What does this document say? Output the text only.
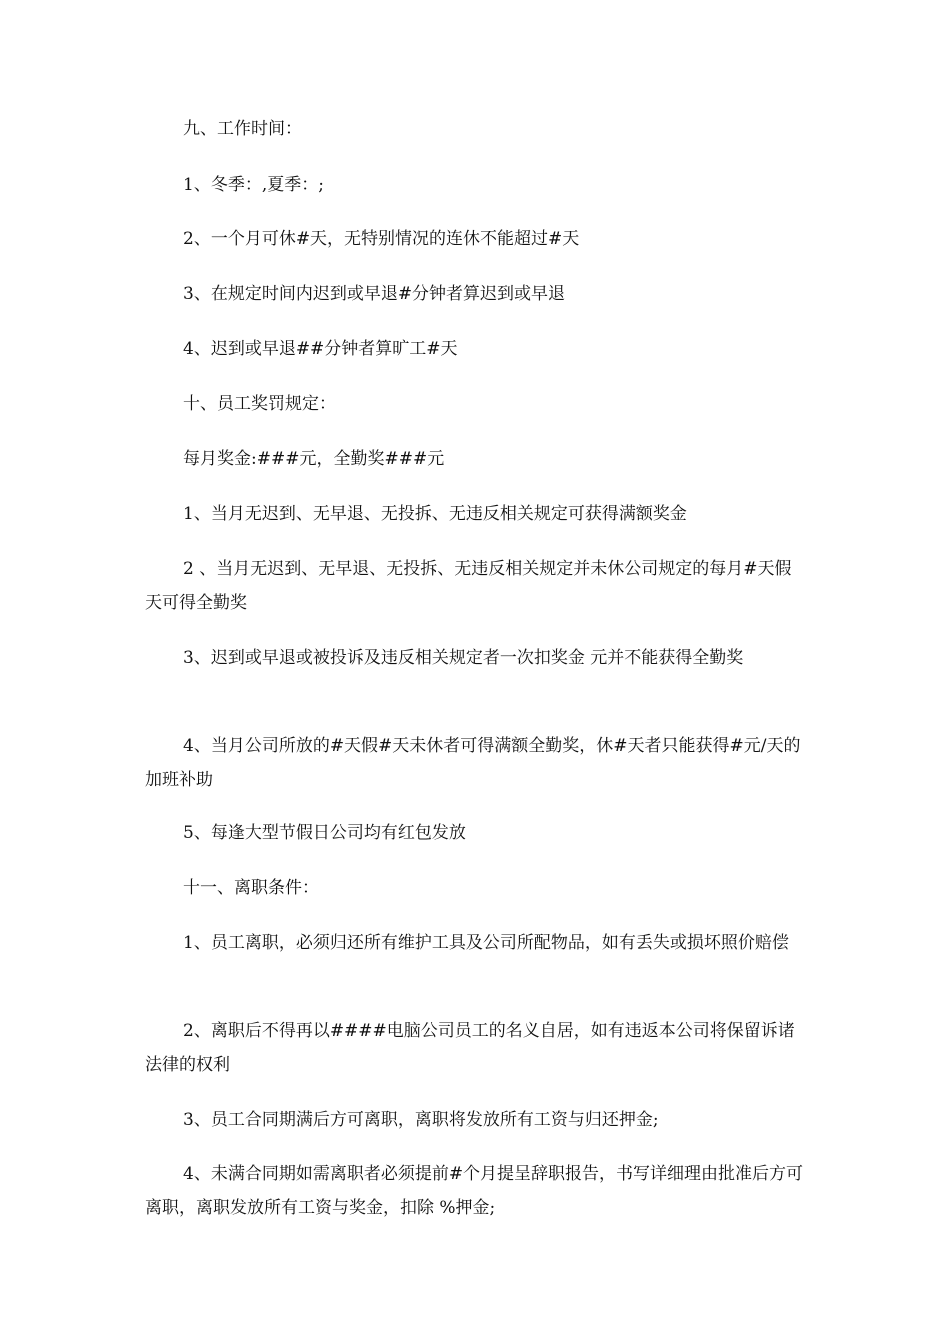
九、工作时间：

1、冬季：,夏季：;

2、一个月可休#天，无特别情况的连休不能超过#天

3、在规定时间内迟到或早退#分钟者算迟到或早退

4、迟到或早退##分钟者算旷工#天

十、员工奖罚规定：

每月奖金:###元，全勤奖###元

1、当月无迟到、无早退、无投拆、无违反相关规定可获得满额奖金

2 、当月无迟到、无早退、无投拆、无违反相关规定并未休公司规定的每月#天假天可得全勤奖

3、迟到或早退或被投诉及违反相关规定者一次扣奖金 元并不能获得全勤奖

4、当月公司所放的#天假#天未休者可得满额全勤奖，休#天者只能获得#元/天的加班补助

5、每逢大型节假日公司均有红包发放

十一、离职条件：

1、员工离职，必须归还所有维护工具及公司所配物品，如有丢失或损坏照价赔偿

2、离职后不得再以####电脑公司员工的名义自居，如有违返本公司将保留诉诸法律的权利

3、员工合同期满后方可离职，离职将发放所有工资与归还押金;

4、未满合同期如需离职者必须提前#个月提呈辞职报告，书写详细理由批准后方可离职，离职发放所有工资与奖金，扣除 %押金;
